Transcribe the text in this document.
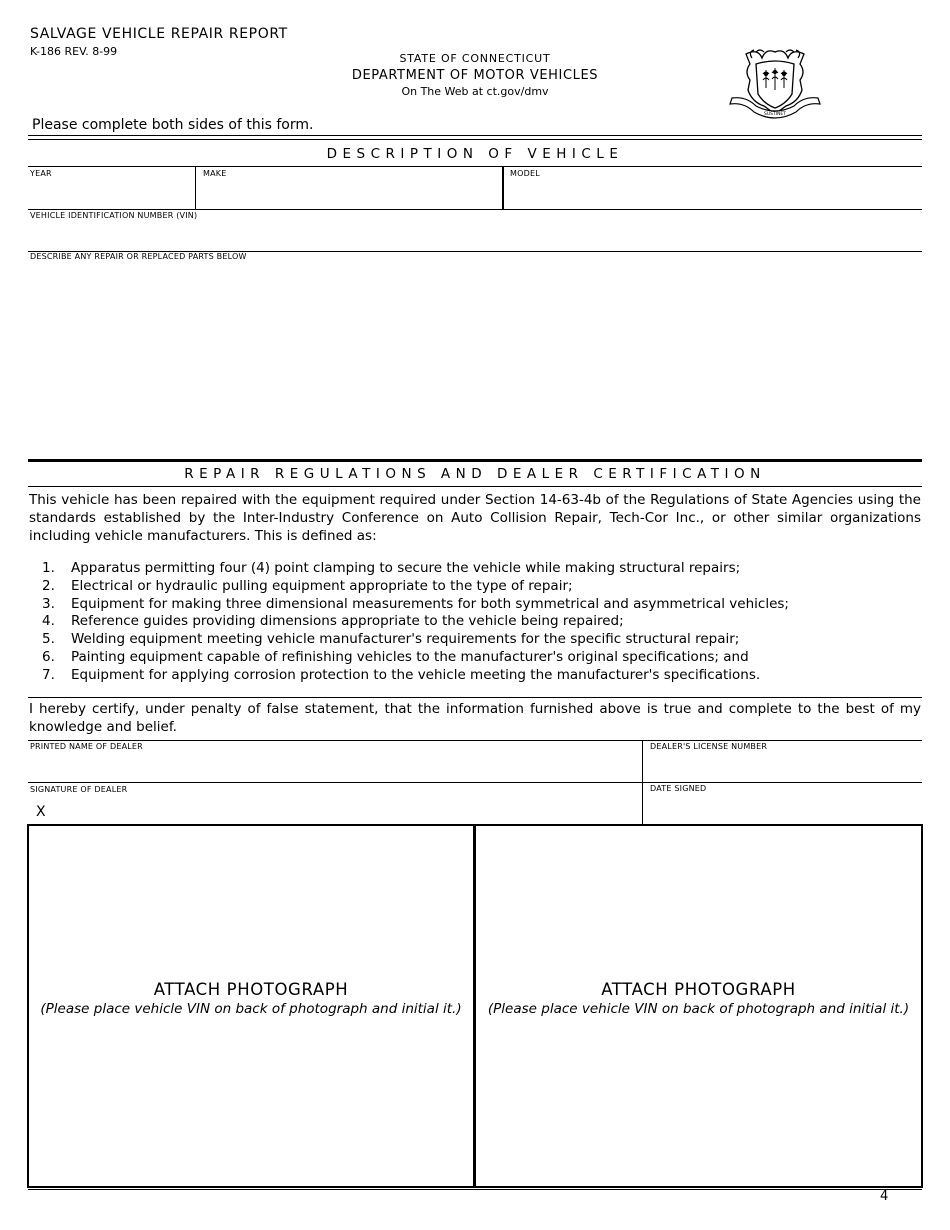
SALVAGE VEHICLE REPAIR REPORT
K-186 REV. 8-99
STATE OF CONNECTICUT
DEPARTMENT OF MOTOR VEHICLES
On The Web at ct.gov/dmv
SUSTINET
Please complete both sides of this form.
DESCRIPTION OF VEHICLE
YEAR	MAKE	MODEL
VEHICLE IDENTIFICATION NUMBER (VIN)
DESCRIBE ANY REPAIR OR REPLACED PARTS BELOW
REPAIR REGULATIONS AND DEALER CERTIFICATION
This vehicle has been repaired with the equipment required under Section 14-63-4b of the Regulations of State Agencies using the standards established by the Inter-Industry Conference on Auto Collision Repair, Tech-Cor Inc., or other similar organizations including vehicle manufacturers. This is defined as:
1.	Apparatus permitting four (4) point clamping to secure the vehicle while making structural repairs;
2.	Electrical or hydraulic pulling equipment appropriate to the type of repair;
3.	Equipment for making three dimensional measurements for both symmetrical and asymmetrical vehicles;
4.	Reference guides providing dimensions appropriate to the vehicle being repaired;
5.	Welding equipment meeting vehicle manufacturer's requirements for the specific structural repair;
6.	Painting equipment capable of refinishing vehicles to the manufacturer's original specifications; and
7.	Equipment for applying corrosion protection to the vehicle meeting the manufacturer's specifications.
I hereby certify, under penalty of false statement, that the information furnished above is true and complete to the best of my knowledge and belief.
PRINTED NAME OF DEALER	DEALER'S LICENSE NUMBER
SIGNATURE OF DEALER
X
DATE SIGNED
ATTACH PHOTOGRAPH
(Please place vehicle VIN on back of photograph and initial it.)
ATTACH PHOTOGRAPH
(Please place vehicle VIN on back of photograph and initial it.)
4
